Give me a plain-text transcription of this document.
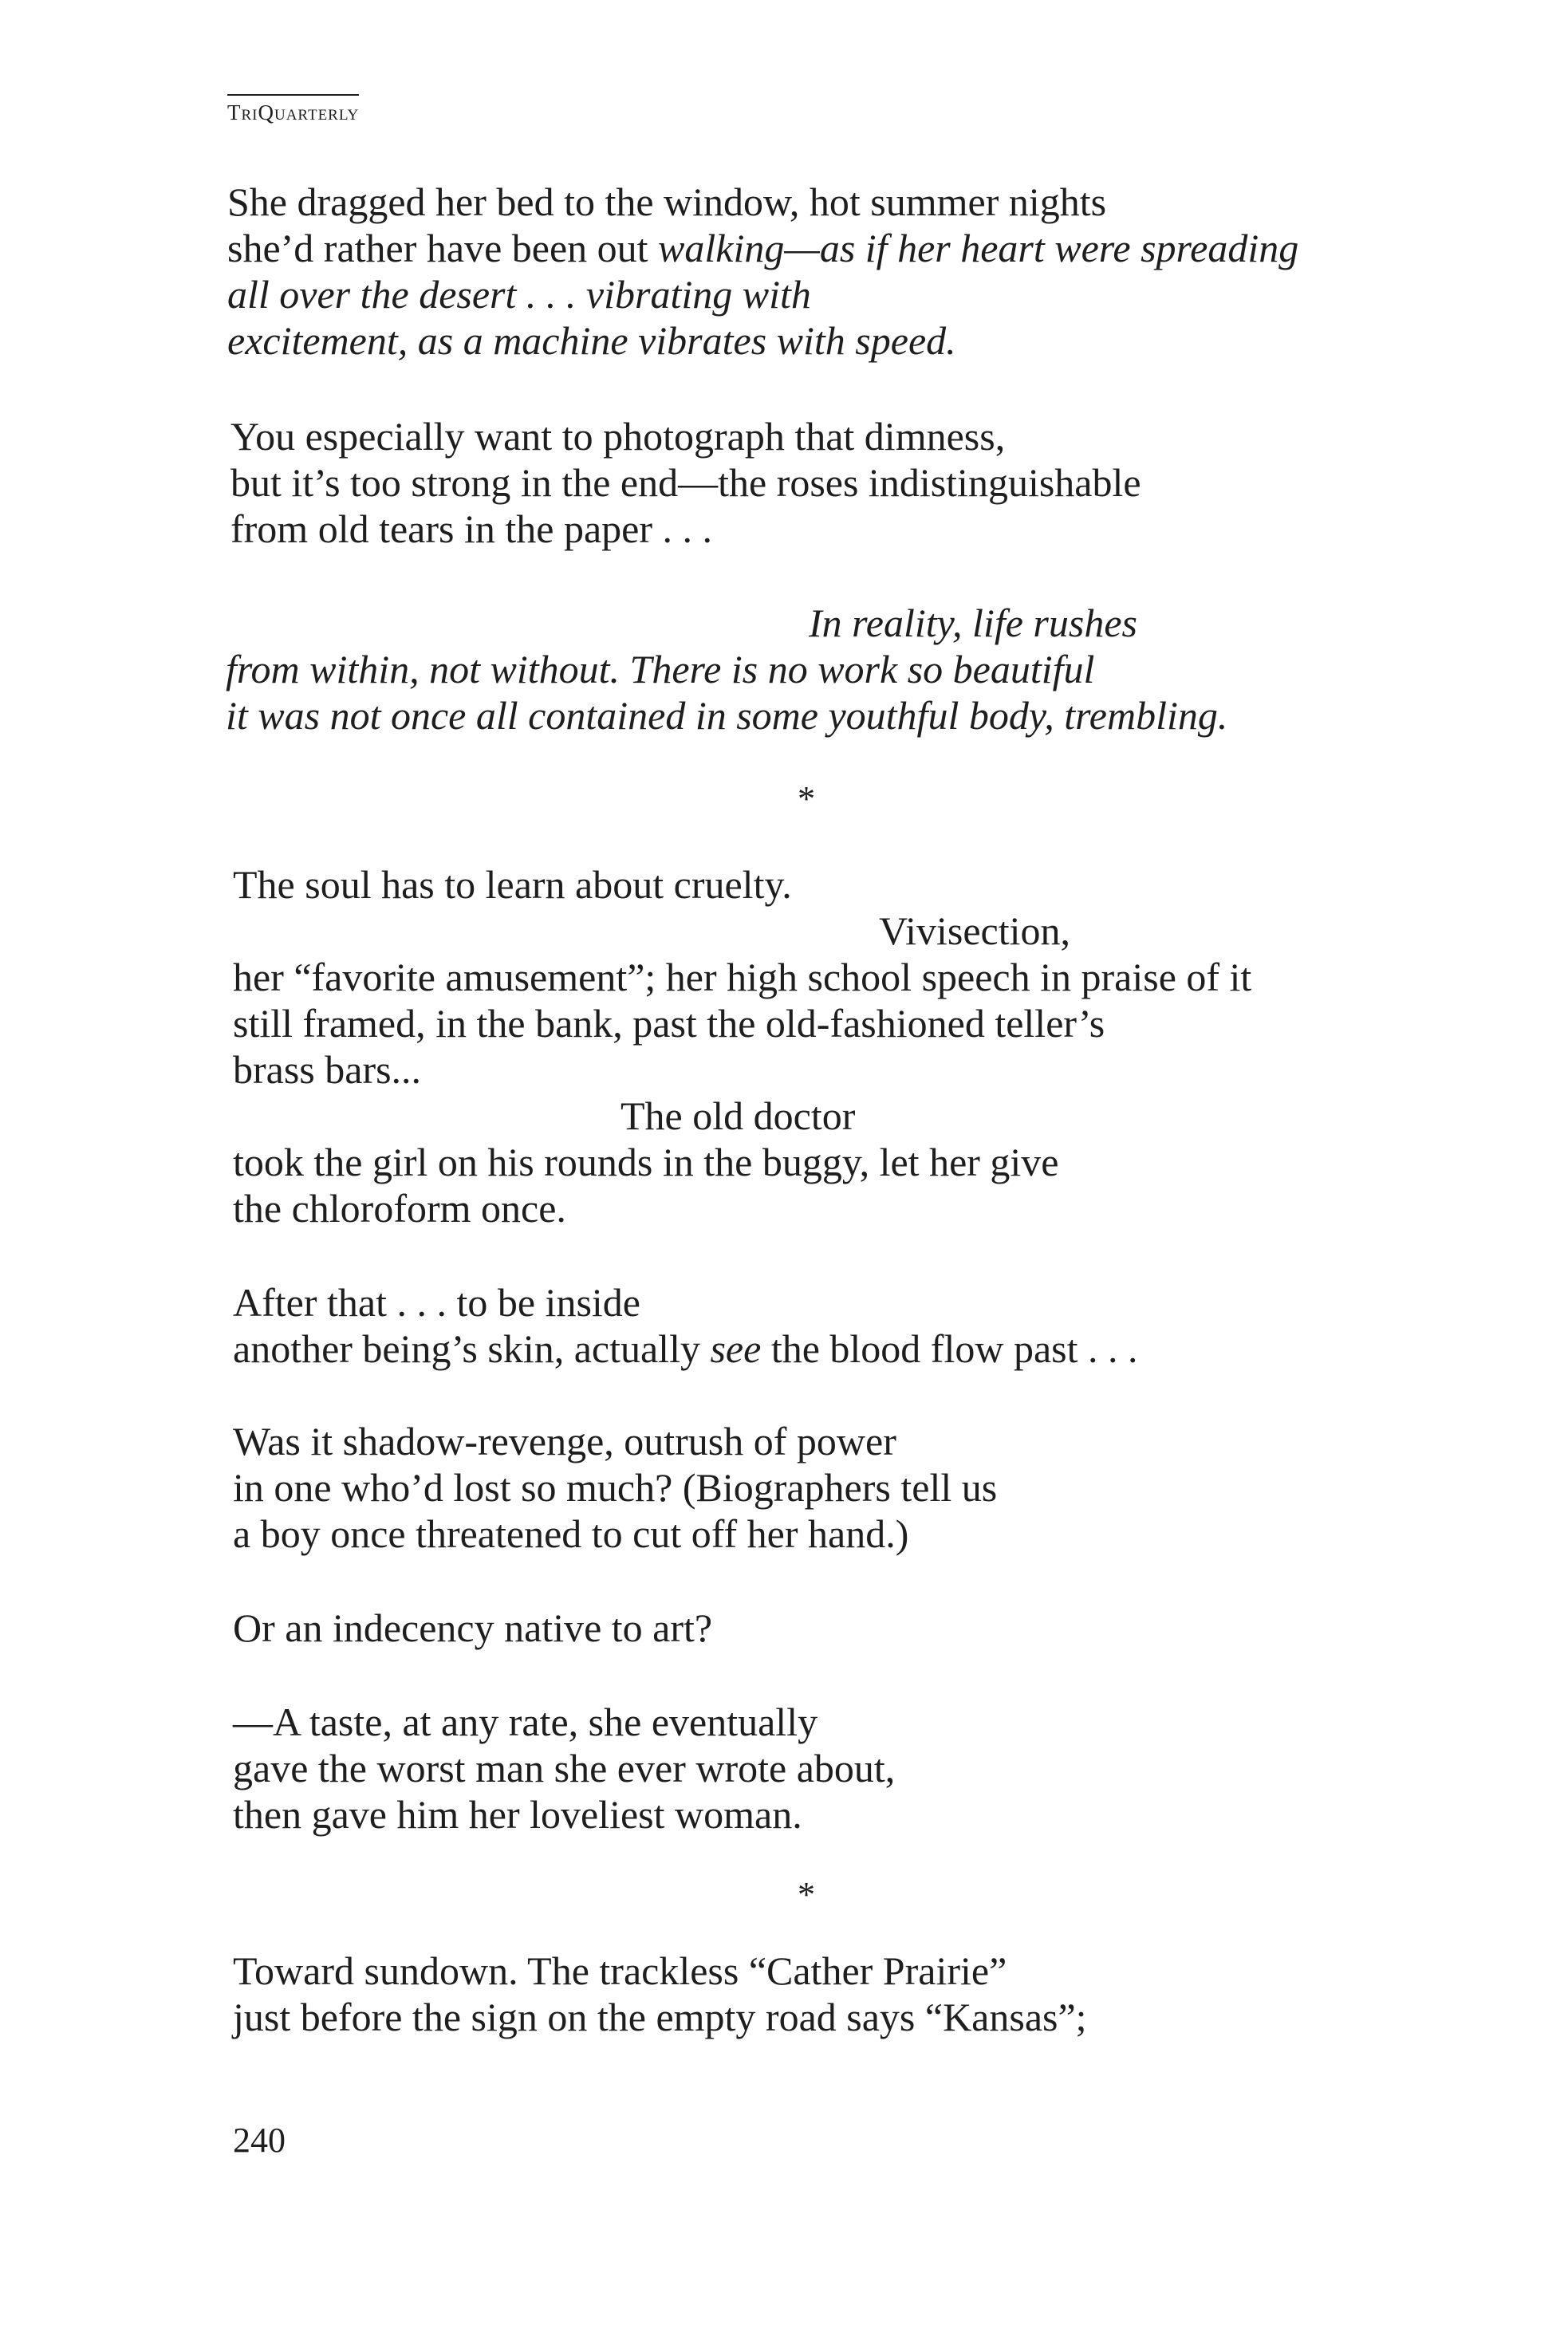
TriQuarterly
She dragged her bed to the window, hot summer nights
she’d rather have been out walking—as if her heart were spreading
all over the desert . . . vibrating with
excitement, as a machine vibrates with speed.
You especially want to photograph that dimness,
but it’s too strong in the end—the roses indistinguishable
from old tears in the paper . . .
In reality, life rushes
from within, not without. There is no work so beautiful
it was not once all contained in some youthful body, trembling.
*
The soul has to learn about cruelty.
Vivisection,
her “favorite amusement”; her high school speech in praise of it
still framed, in the bank, past the old-fashioned teller’s
brass bars...
The old doctor
took the girl on his rounds in the buggy, let her give
the chloroform once.
After that . . . to be inside
another being’s skin, actually see the blood flow past . . .
Was it shadow-revenge, outrush of power
in one who’d lost so much? (Biographers tell us
a boy once threatened to cut off her hand.)
Or an indecency native to art?
—A taste, at any rate, she eventually
gave the worst man she ever wrote about,
then gave him her loveliest woman.
*
Toward sundown. The trackless “Cather Prairie”
just before the sign on the empty road says “Kansas”;
240
